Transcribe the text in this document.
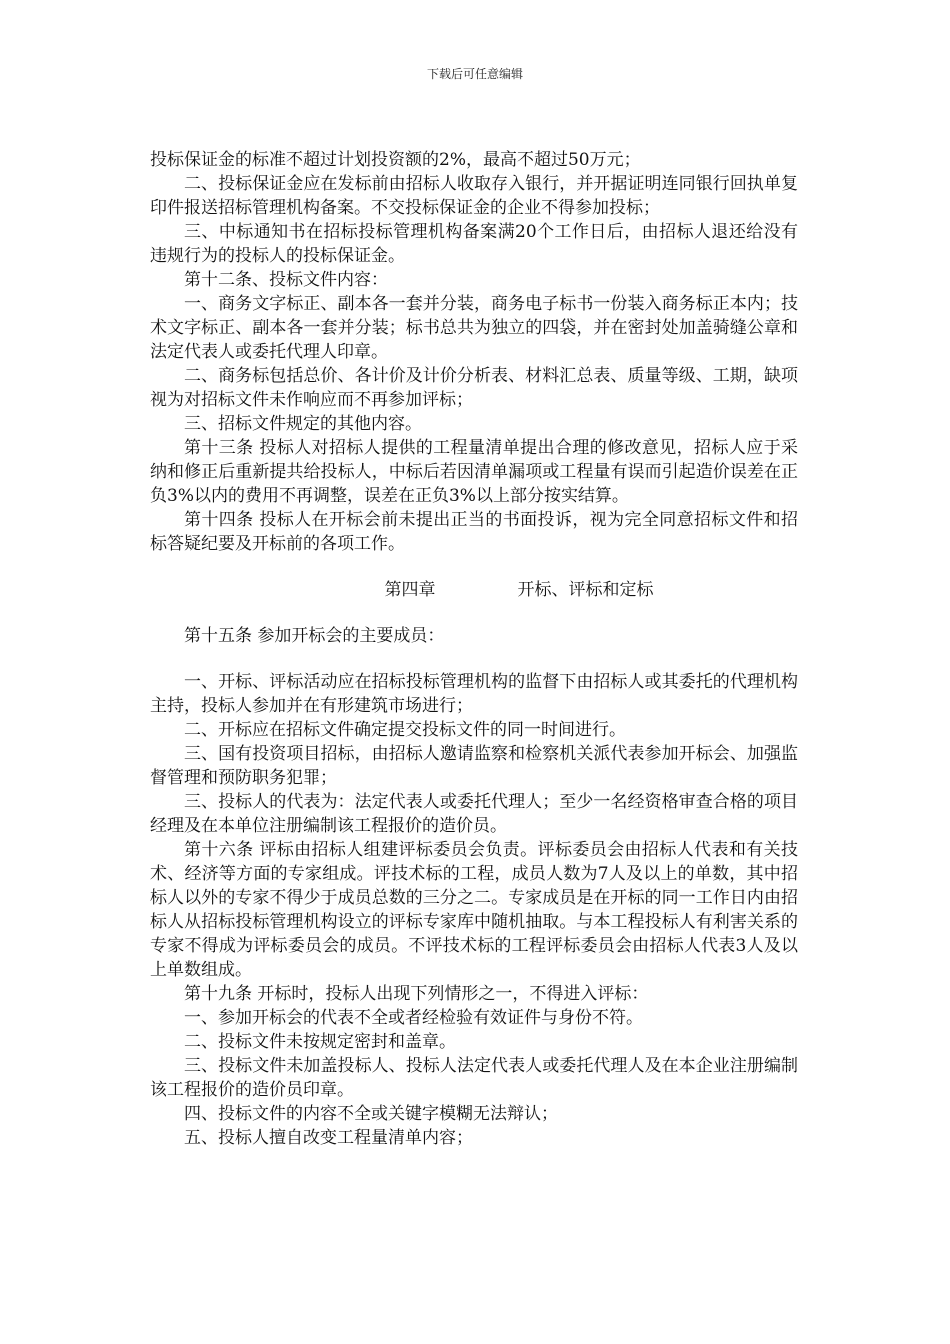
下载后可任意编辑

投标保证金的标准不超过计划投资额的2%，最高不超过50万元；

二、投标保证金应在发标前由招标人收取存入银行，并开据证明连同银行回执单复印件报送招标管理机构备案。不交投标保证金的企业不得参加投标；

三、中标通知书在招标投标管理机构备案满20个工作日后，由招标人退还给没有违规行为的投标人的投标保证金。

第十二条、投标文件内容：

一、商务文字标正、副本各一套并分装，商务电子标书一份装入商务标正本内；技术文字标正、副本各一套并分装；标书总共为独立的四袋，并在密封处加盖骑缝公章和法定代表人或委托代理人印章。

二、商务标包括总价、各计价及计价分析表、材料汇总表、质量等级、工期，缺项视为对招标文件未作响应而不再参加评标；

三、招标文件规定的其他内容。

第十三条 投标人对招标人提供的工程量清单提出合理的修改意见，招标人应于采纳和修正后重新提共给投标人，中标后若因清单漏项或工程量有误而引起造价误差在正负3%以内的费用不再调整，误差在正负3%以上部分按实结算。

第十四条 投标人在开标会前未提出正当的书面投诉，视为完全同意招标文件和招标答疑纪要及开标前的各项工作。

第四章	开标、评标和定标

第十五条 参加开标会的主要成员：

一、开标、评标活动应在招标投标管理机构的监督下由招标人或其委托的代理机构主持，投标人参加并在有形建筑市场进行；

二、开标应在招标文件确定提交投标文件的同一时间进行。

三、国有投资项目招标，由招标人邀请监察和检察机关派代表参加开标会、加强监督管理和预防职务犯罪；

三、投标人的代表为：法定代表人或委托代理人；至少一名经资格审查合格的项目经理及在本单位注册编制该工程报价的造价员。

第十六条 评标由招标人组建评标委员会负责。评标委员会由招标人代表和有关技术、经济等方面的专家组成。评技术标的工程，成员人数为7人及以上的单数，其中招标人以外的专家不得少于成员总数的三分之二。专家成员是在开标的同一工作日内由招标人从招标投标管理机构设立的评标专家库中随机抽取。与本工程投标人有利害关系的专家不得成为评标委员会的成员。不评技术标的工程评标委员会由招标人代表3人及以上单数组成。

第十九条 开标时，投标人出现下列情形之一，不得进入评标：

一、参加开标会的代表不全或者经检验有效证件与身份不符。

二、投标文件未按规定密封和盖章。

三、投标文件未加盖投标人、投标人法定代表人或委托代理人及在本企业注册编制该工程报价的造价员印章。

四、投标文件的内容不全或关键字模糊无法辩认；

五、投标人擅自改变工程量清单内容；
